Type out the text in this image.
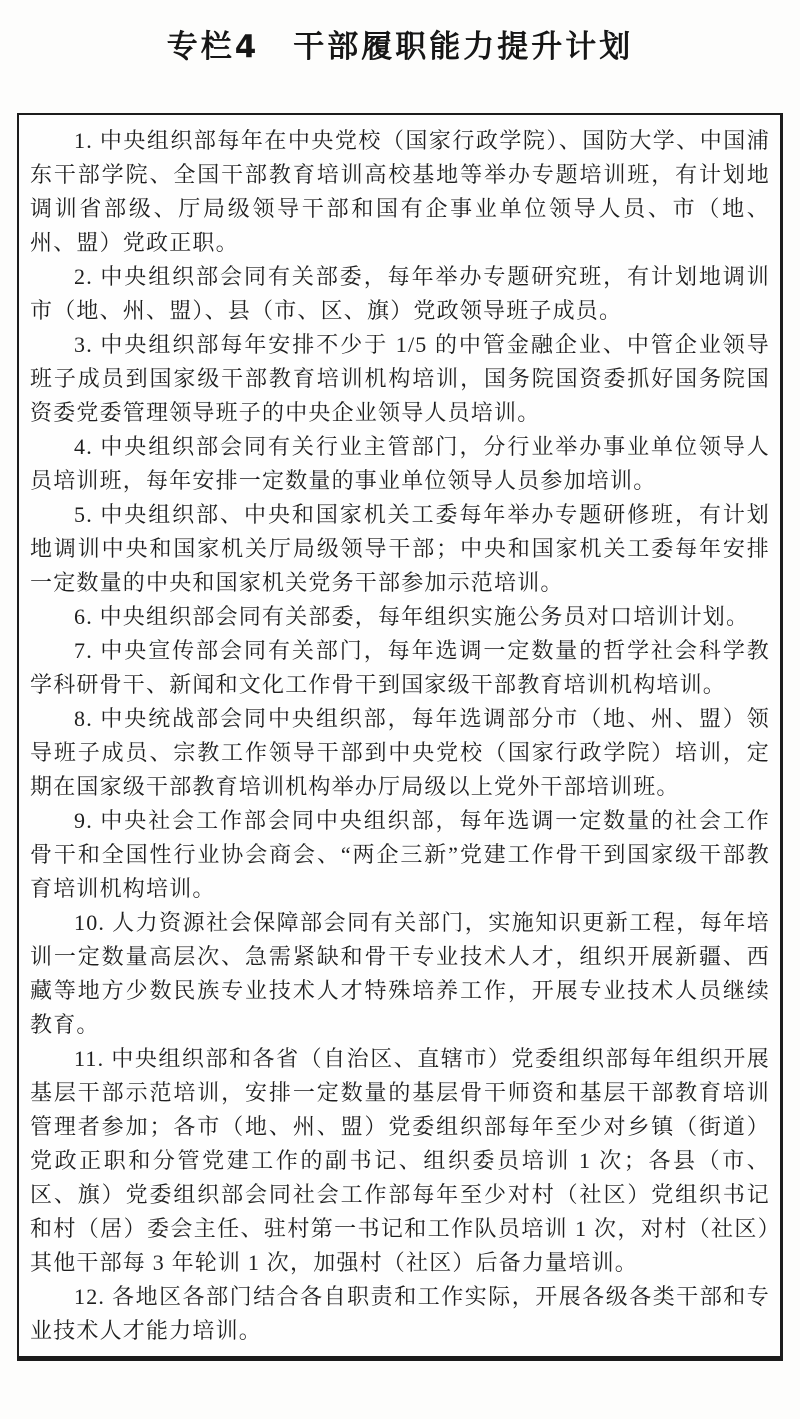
专栏4　干部履职能力提升计划

1. 中央组织部每年在中央党校（国家行政学院）、国防大学、中国浦东干部学院、全国干部教育培训高校基地等举办专题培训班，有计划地调训省部级、厅局级领导干部和国有企事业单位领导人员、市（地、州、盟）党政正职。

2. 中央组织部会同有关部委，每年举办专题研究班，有计划地调训市（地、州、盟）、县（市、区、旗）党政领导班子成员。

3. 中央组织部每年安排不少于 1/5 的中管金融企业、中管企业领导班子成员到国家级干部教育培训机构培训，国务院国资委抓好国务院国资委党委管理领导班子的中央企业领导人员培训。

4. 中央组织部会同有关行业主管部门，分行业举办事业单位领导人员培训班，每年安排一定数量的事业单位领导人员参加培训。

5. 中央组织部、中央和国家机关工委每年举办专题研修班，有计划地调训中央和国家机关厅局级领导干部；中央和国家机关工委每年安排一定数量的中央和国家机关党务干部参加示范培训。

6. 中央组织部会同有关部委，每年组织实施公务员对口培训计划。

7. 中央宣传部会同有关部门，每年选调一定数量的哲学社会科学教学科研骨干、新闻和文化工作骨干到国家级干部教育培训机构培训。

8. 中央统战部会同中央组织部，每年选调部分市（地、州、盟）领导班子成员、宗教工作领导干部到中央党校（国家行政学院）培训，定期在国家级干部教育培训机构举办厅局级以上党外干部培训班。

9. 中央社会工作部会同中央组织部，每年选调一定数量的社会工作骨干和全国性行业协会商会、“两企三新”党建工作骨干到国家级干部教育培训机构培训。

10. 人力资源社会保障部会同有关部门，实施知识更新工程，每年培训一定数量高层次、急需紧缺和骨干专业技术人才，组织开展新疆、西藏等地方少数民族专业技术人才特殊培养工作，开展专业技术人员继续教育。

11. 中央组织部和各省（自治区、直辖市）党委组织部每年组织开展基层干部示范培训，安排一定数量的基层骨干师资和基层干部教育培训管理者参加；各市（地、州、盟）党委组织部每年至少对乡镇（街道）党政正职和分管党建工作的副书记、组织委员培训 1 次；各县（市、区、旗）党委组织部会同社会工作部每年至少对村（社区）党组织书记和村（居）委会主任、驻村第一书记和工作队员培训 1 次，对村（社区）其他干部每 3 年轮训 1 次，加强村（社区）后备力量培训。

12. 各地区各部门结合各自职责和工作实际，开展各级各类干部和专业技术人才能力培训。
